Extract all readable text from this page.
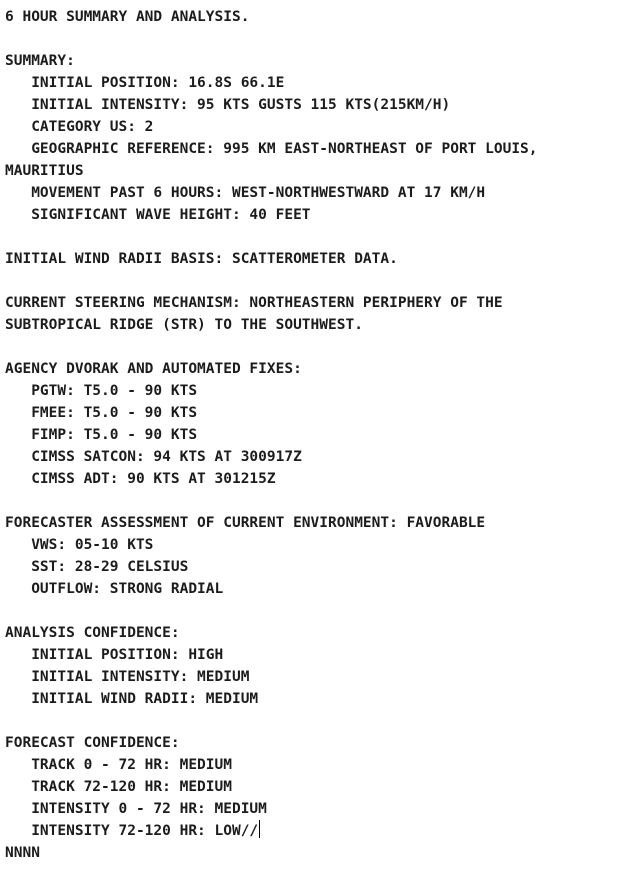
6 HOUR SUMMARY AND ANALYSIS.
SUMMARY:
INITIAL POSITION: 16.8S 66.1E
INITIAL INTENSITY: 95 KTS GUSTS 115 KTS(215KM/H)
CATEGORY US: 2
GEOGRAPHIC REFERENCE: 995 KM EAST-NORTHEAST OF PORT LOUIS,
MAURITIUS
MOVEMENT PAST 6 HOURS: WEST-NORTHWESTWARD AT 17 KM/H
SIGNIFICANT WAVE HEIGHT: 40 FEET
INITIAL WIND RADII BASIS: SCATTEROMETER DATA.
CURRENT STEERING MECHANISM: NORTHEASTERN PERIPHERY OF THE
SUBTROPICAL RIDGE (STR) TO THE SOUTHWEST.
AGENCY DVORAK AND AUTOMATED FIXES:
PGTW: T5.0 - 90 KTS
FMEE: T5.0 - 90 KTS
FIMP: T5.0 - 90 KTS
CIMSS SATCON: 94 KTS AT 300917Z
CIMSS ADT: 90 KTS AT 301215Z
FORECASTER ASSESSMENT OF CURRENT ENVIRONMENT: FAVORABLE
VWS: 05-10 KTS
SST: 28-29 CELSIUS
OUTFLOW: STRONG RADIAL
ANALYSIS CONFIDENCE:
INITIAL POSITION: HIGH
INITIAL INTENSITY: MEDIUM
INITIAL WIND RADII: MEDIUM
FORECAST CONFIDENCE:
TRACK 0 - 72 HR: MEDIUM
TRACK 72-120 HR: MEDIUM
INTENSITY 0 - 72 HR: MEDIUM
INTENSITY 72-120 HR: LOW//
NNNN
